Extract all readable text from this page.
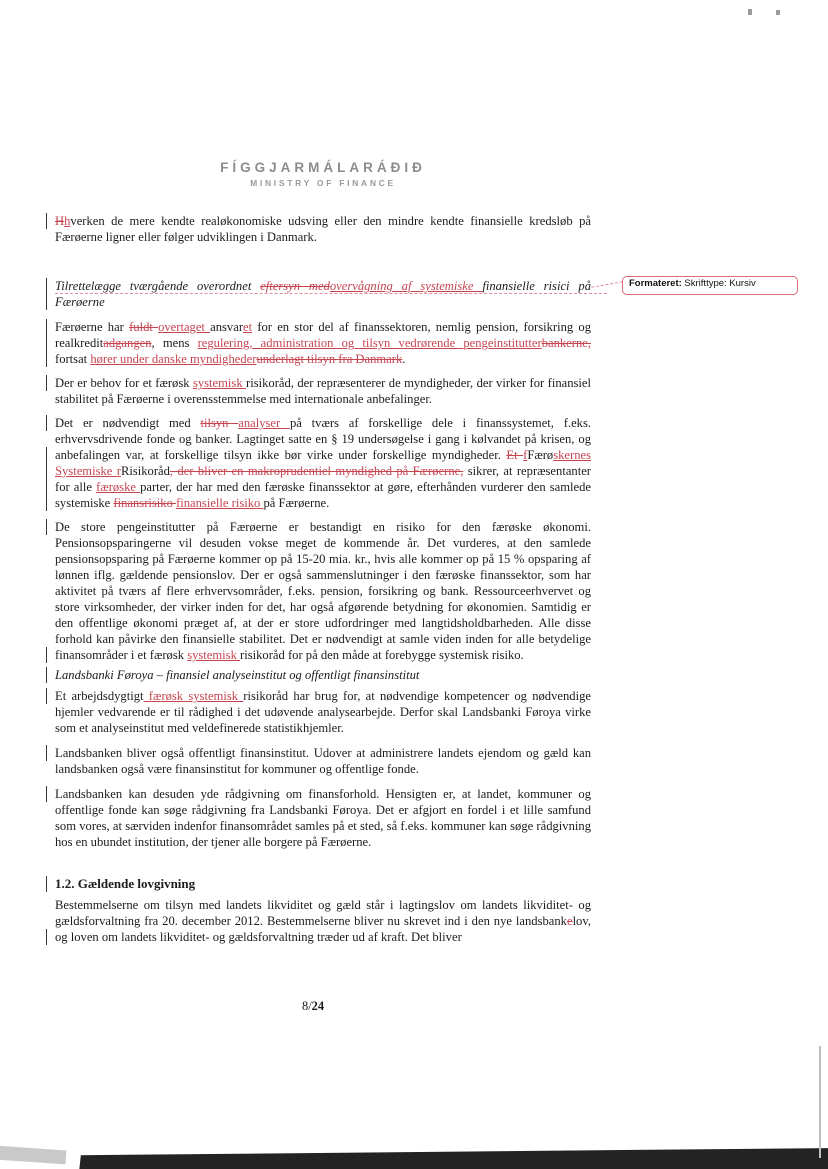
FÍGGJARMÁLARÁÐIÐ
MINISTRY OF FINANCE

Hhverken de mere kendte realøkonomiske udsving eller den mindre kendte finansielle kredsløb på Færøerne ligner eller følger udviklingen i Danmark.

Tilrettelægge tværgående overordnet eftersyn medovervågning af systemiske finansielle risici på Færøerne

Færøerne har fuldt overtaget ansvaret for en stor del af finanssektoren, nemlig pension, forsikring og realkreditadgangen, mens regulering, administration og tilsyn vedrørende pengeinstitutterbankerne, fortsat hører under danske myndighederunderlagt tilsyn fra Danmark.

Der er behov for et færøsk systemisk risikoråd, der repræsenterer de myndigheder, der virker for finansiel stabilitet på Færøerne i overensstemmelse med internationale anbefalinger.

Det er nødvendigt med tilsyn analyser på tværs af forskellige dele i finanssystemet, f.eks. erhvervsdrivende fonde og banker. Lagtinget satte en § 19 undersøgelse i gang i kølvandet på krisen, og anbefalingen var, at forskellige tilsyn ikke bør virke under forskellige myndigheder. Et fFærøskernes Systemiske rRisikoråd, der bliver en makroprudentiel myndighed på Færøerne, sikrer, at repræsentanter for alle færøske parter, der har med den færøske finanssektor at gøre, efterhånden vurderer den samlede systemiske finansrisiko finansielle risiko på Færøerne.

De store pengeinstitutter på Færøerne er bestandigt en risiko for den færøske økonomi. Pensionsopsparingerne vil desuden vokse meget de kommende år. Det vurderes, at den samlede pensionsopsparing på Færøerne kommer op på 15-20 mia. kr., hvis alle kommer op på 15 % opsparing af lønnen iflg. gældende pensionslov. Der er også sammenslutninger i den færøske finanssektor, som har aktivitet på tværs af flere erhvervsområder, f.eks. pension, forsikring og bank. Ressourceerhvervet og store virksomheder, der virker inden for det, har også afgørende betydning for økonomien. Samtidig er den offentlige økonomi præget af, at der er store udfordringer med langtidsholdbarheden. Alle disse forhold kan påvirke den finansielle stabilitet. Det er nødvendigt at samle viden inden for alle betydelige finansområder i et færøsk systemisk risikoråd for på den måde at forebygge systemisk risiko.

Landsbanki Føroya – finansiel analyseinstitut og offentligt finansinstitut

Et arbejdsdygtigt færøsk systemisk risikoråd har brug for, at nødvendige kompetencer og nødvendige hjemler vedvarende er til rådighed i det udøvende analysearbejde. Derfor skal Landsbanki Føroya virke som et analyseinstitut med veldefinerede statistikhjemler.

Landsbanken bliver også offentligt finansinstitut. Udover at administrere landets ejendom og gæld kan landsbanken også være finansinstitut for kommuner og offentlige fonde.

Landsbanken kan desuden yde rådgivning om finansforhold. Hensigten er, at landet, kommuner og offentlige fonde kan søge rådgivning fra Landsbanki Føroya. Det er afgjort en fordel i et lille samfund som vores, at særviden indenfor finansområdet samles på et sted, så f.eks. kommuner kan søge rådgivning hos en ubundet institution, der tjener alle borgere på Færøerne.

1.2. Gældende lovgivning

Bestemmelserne om tilsyn med landets likviditet og gæld står i lagtingslov om landets likviditet- og gældsforvaltning fra 20. december 2012. Bestemmelserne bliver nu skrevet ind i den nye landsbankelov, og loven om landets likviditet- og gældsforvaltning træder ud af kraft. Det bliver

Formateret: Skrifttype: Kursiv
8/24
